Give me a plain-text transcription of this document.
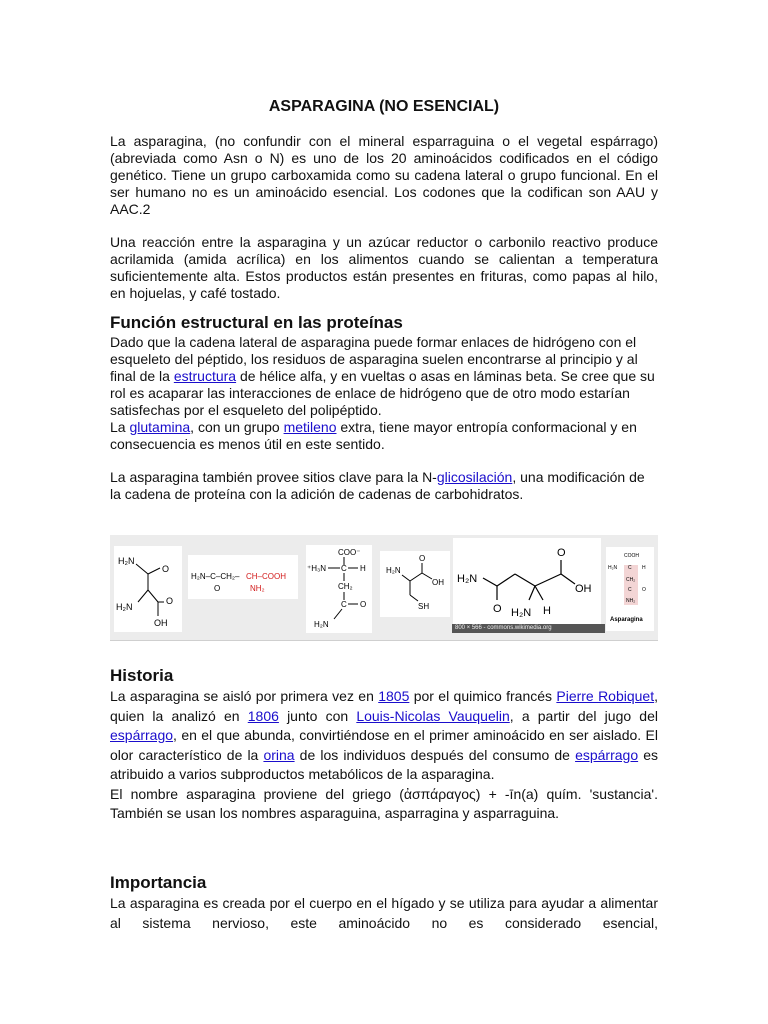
ASPARAGINA (NO ESENCIAL)

La asparagina, (no confundir con el mineral esparraguina o el vegetal espárrago) (abreviada como Asn o N) es uno de los 20 aminoácidos codificados en el código genético. Tiene un grupo carboxamida como su cadena lateral o grupo funcional. En el ser humano no es un aminoácido esencial. Los codones que la codifican son AAU y AAC.2

Una reacción entre la asparagina y un azúcar reductor o carbonilo reactivo produce acrilamida (amida acrílica) en los alimentos cuando se calientan a temperatura suficientemente alta. Estos productos están presentes en frituras, como papas al hilo, en hojuelas, y café tostado.

Función estructural en las proteínas

Dado que la cadena lateral de asparagina puede formar enlaces de hidrógeno con el esqueleto del péptido, los residuos de asparagina suelen encontrarse al principio y al final de la estructura de hélice alfa, y en vueltas o asas en láminas beta. Se cree que su rol es acaparar las interacciones de enlace de hidrógeno que de otro modo estarían satisfechas por el esqueleto del polipéptido.

La glutamina, con un grupo metileno extra, tiene mayor entropía conformacional y en consecuencia es menos útil en este sentido.

La asparagina también provee sitios clave para la N-glicosilación, una modificación de la cadena de proteína con la adición de cadenas de carbohidratos.

H₂N
O
H₂N
O
OH
H₂N–C–CH₂– CH–COOH
O	NH₂
COO⁻
⁺H₃N C H
CH₂
C O
H₂N
H₂N
O
OH
SH
O
H₂N
OH
O H₂N H
COOH
H₂N C H
CH₂
C O
NH₂
Asparagina
800 × 566 - commons.wikimedia.org
Historia

La asparagina se aisló por primera vez en 1805 por el quimico francés Pierre Robiquet, quien la analizó en 1806 junto con Louis-Nicolas Vauquelin, a partir del jugo del espárrago, en el que abunda, convirtiéndose en el primer aminoácido en ser aislado. El olor característico de la orina de los individuos después del consumo de espárrago es atribuido a varios subproductos metabólicos de la asparagina.

El nombre asparagina proviene del griego (ἀσπάραγος) + -īn(a) quím. 'sustancia'. También se usan los nombres asparaguina, asparragina y asparraguina.

Importancia

La asparagina es creada por el cuerpo en el hígado y se utiliza para ayudar a alimentar al sistema nervioso, este aminoácido no es considerado esencial,
